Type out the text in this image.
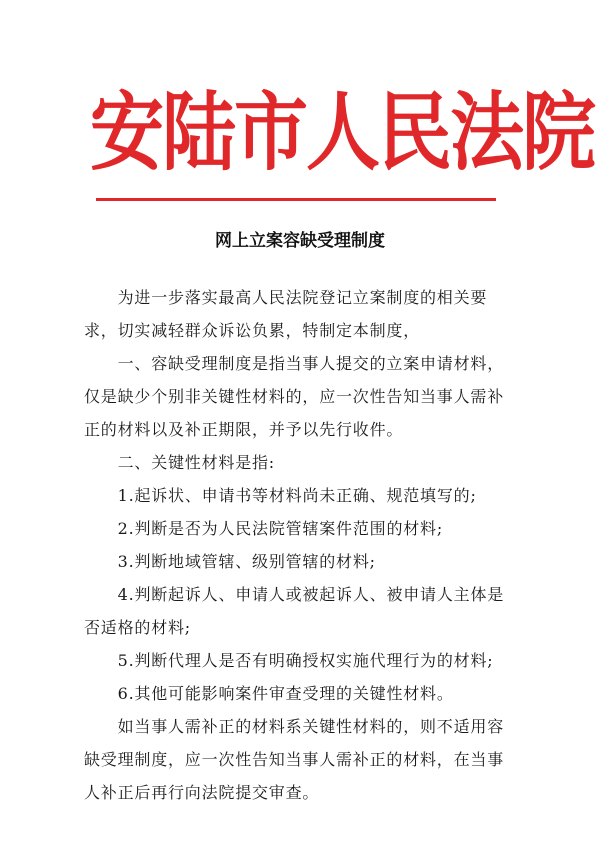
安陆市人民法院
网上立案容缺受理制度

为进一步落实最高人民法院登记立案制度的相关要求，切实减轻群众诉讼负累，特制定本制度，

一、容缺受理制度是指当事人提交的立案申请材料，仅是缺少个别非关键性材料的，应一次性告知当事人需补正的材料以及补正期限，并予以先行收件。

二、关键性材料是指:

1.起诉状、申请书等材料尚未正确、规范填写的;

2.判断是否为人民法院管辖案件范围的材料;

3.判断地域管辖、级别管辖的材料;

4.判断起诉人、申请人或被起诉人、被申请人主体是否适格的材料;

5.判断代理人是否有明确授权实施代理行为的材料;

6.其他可能影响案件审查受理的关键性材料。

如当事人需补正的材料系关键性材料的，则不适用容缺受理制度，应一次性告知当事人需补正的材料，在当事人补正后再行向法院提交审查。
